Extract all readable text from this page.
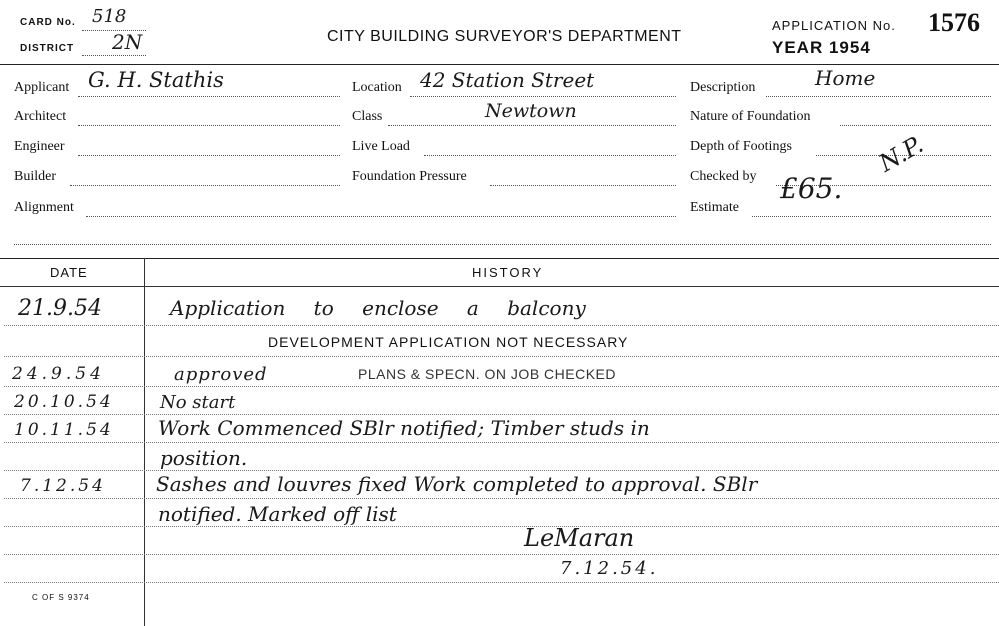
CARD No. 518
DISTRICT 2N	CITY BUILDING SURVEYOR'S DEPARTMENT
APPLICATION No. 1576
YEAR 1954
Applicant G. H. Stathis
Architect
Engineer
Builder
Alignment
Location 42 Station Street
Class	Newtown
Live Load
Foundation Pressure
Description	Home
Nature of Foundation
Depth of Footings
Checked by	N.P.
Estimate
£65.
DATE	HISTORY
21.9.54	Application to enclose a balcony
DEVELOPMENT APPLICATION NOT NECESSARY
24.9.54	approved	PLANS & SPECN. ON JOB CHECKED
20.10.54	No start
10.11.54 Work Commenced SBlr notified; Timber studs in
position.
7.12.54	Sashes and louvres fixed Work completed to approval. SBlr
notified. Marked off list
LeMaran
7.12.54.
C OF S 9374
